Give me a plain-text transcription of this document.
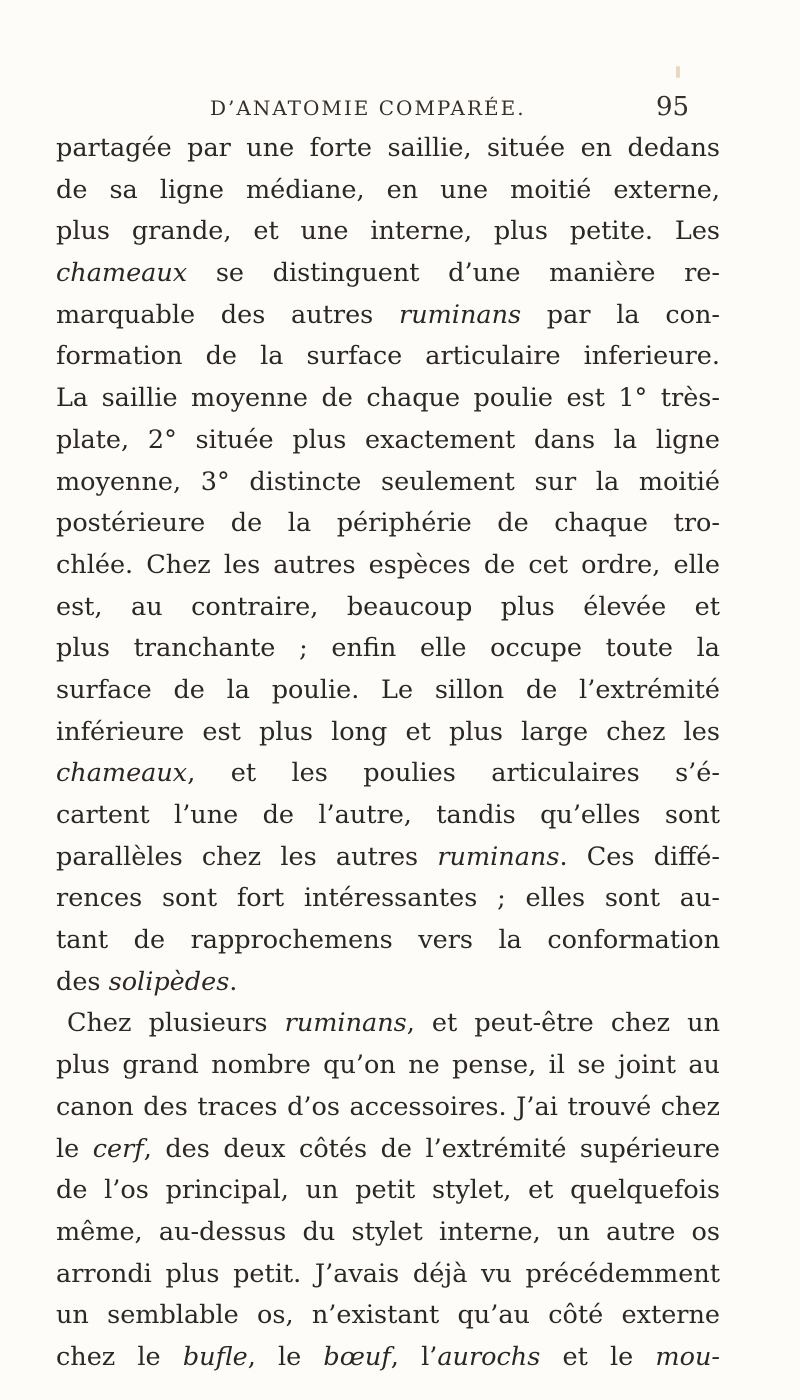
D’ANATOMIE COMPARÉE.	95
partagée par une forte saillie, située en dedans
de sa ligne médiane, en une moitié externe,
plus grande, et une interne, plus petite. Les
chameaux se distinguent d’une manière re-
marquable des autres ruminans par la con-
formation de la surface articulaire inferieure.
La saillie moyenne de chaque poulie est 1° très-
plate, 2° située plus exactement dans la ligne
moyenne, 3° distincte seulement sur la moitié
postérieure de la périphérie de chaque tro-
chlée. Chez les autres espèces de cet ordre, elle
est, au contraire, beaucoup plus élevée et
plus tranchante ; enfin elle occupe toute la
surface de la poulie. Le sillon de l’extrémité
inférieure est plus long et plus large chez les
chameaux, et les poulies articulaires s’é-
cartent l’une de l’autre, tandis qu’elles sont
parallèles chez les autres ruminans. Ces diffé-
rences sont fort intéressantes ; elles sont au-
tant de rapprochemens vers la conformation
des solipèdes.
Chez plusieurs ruminans, et peut-être chez un
plus grand nombre qu’on ne pense, il se joint au
canon des traces d’os accessoires. J’ai trouvé chez
le cerf, des deux côtés de l’extrémité supérieure
de l’os principal, un petit stylet, et quelquefois
même, au-dessus du stylet interne, un autre os
arrondi plus petit. J’avais déjà vu précédemment
un semblable os, n’existant qu’au côté externe
chez le bufle, le bœuf, l’aurochs et le mou-
